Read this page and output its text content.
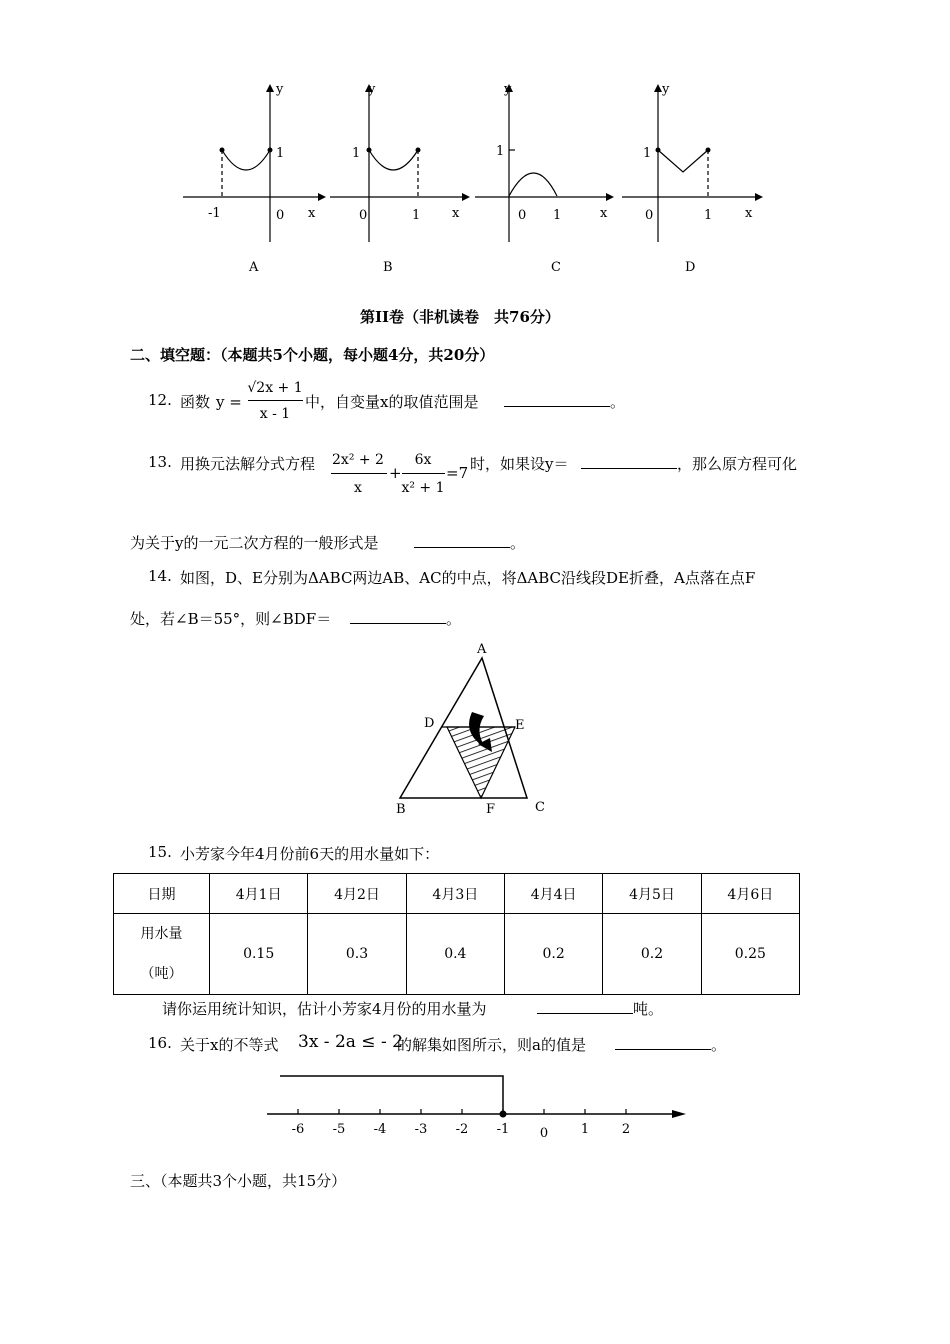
y
1
-1	0 x
A
y
1
0	1 x
B
y
1
0 1	x
C
y
1
0	1	x
D
第II卷（非机读卷　共76分）
二、填空题：（本题共5个小题，每小题4分，共20分）
12. 函数 y =
√2x + 1
x - 1
中，自变量x的取值范围是	。
13. 用换元法解分式方程 2x² + 2
x
+
6x
x² + 1
=7 时，如果设y＝	，那么原方程可化
为关于y的一元二次方程的一般形式是	。
14. 如图，D、E分别为ΔABC两边AB、AC的中点，将ΔABC沿线段DE折叠，A点落在点F
处，若∠B＝55°，则∠BDF＝	。
A
D	E
B	F	C
15. 小芳家今年4月份前6天的用水量如下：
日期	4月1日	4月2日	4月3日	4月4日	4月5日	4月6日

用水量
（吨）	0.15	0.3	0.4	0.2	0.2	0.25
请你运用统计知识，估计小芳家4月份的用水量为	吨。
16. 关于x的不等式 3x - 2a ≤ - 2
的解集如图所示，则a的值是	。
-6 -5 -4 -3 -2 -1	0	1	2
三、（本题共3个小题，共15分）
